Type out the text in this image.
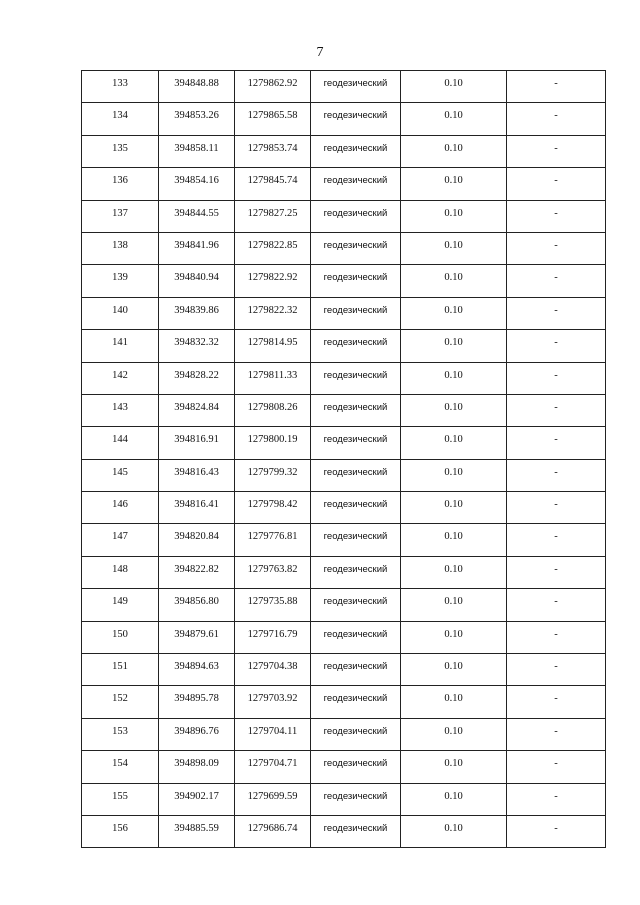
7
133	394848.88	1279862.92	геодезический	0.10	-
134	394853.26	1279865.58	геодезический	0.10	-
135	394858.11	1279853.74	геодезический	0.10	-
136	394854.16	1279845.74	геодезический	0.10	-
137	394844.55	1279827.25	геодезический	0.10	-
138	394841.96	1279822.85	геодезический	0.10	-
139	394840.94	1279822.92	геодезический	0.10	-
140	394839.86	1279822.32	геодезический	0.10	-
141	394832.32	1279814.95	геодезический	0.10	-
142	394828.22	1279811.33	геодезический	0.10	-
143	394824.84	1279808.26	геодезический	0.10	-
144	394816.91	1279800.19	геодезический	0.10	-
145	394816.43	1279799.32	геодезический	0.10	-
146	394816.41	1279798.42	геодезический	0.10	-
147	394820.84	1279776.81	геодезический	0.10	-
148	394822.82	1279763.82	геодезический	0.10	-
149	394856.80	1279735.88	геодезический	0.10	-
150	394879.61	1279716.79	геодезический	0.10	-
151	394894.63	1279704.38	геодезический	0.10	-
152	394895.78	1279703.92	геодезический	0.10	-
153	394896.76	1279704.11	геодезический	0.10	-
154	394898.09	1279704.71	геодезический	0.10	-
155	394902.17	1279699.59	геодезический	0.10	-
156	394885.59	1279686.74	геодезический	0.10	-
